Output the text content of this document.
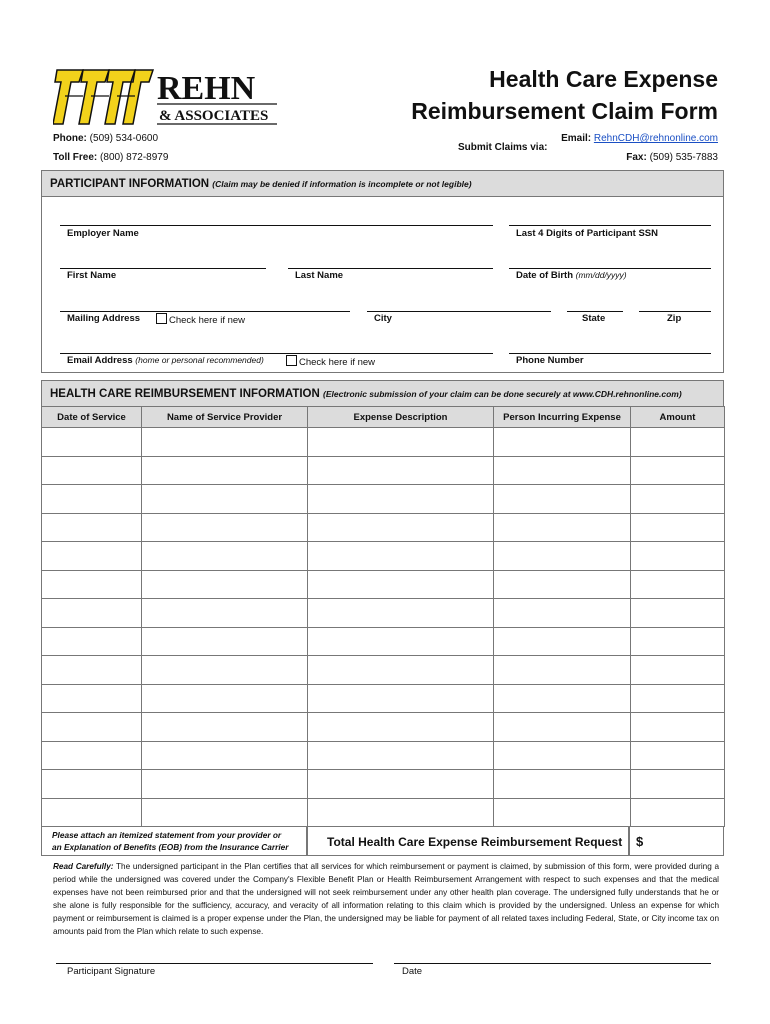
REHN
& ASSOCIATES
Health Care Expense
Reimbursement Claim Form
Phone: (509) 534-0600
Toll Free: (800) 872-8979
Submit Claims via:
Email: RehnCDH@rehnonline.com
Fax: (509) 535-7883
PARTICIPANT INFORMATION (Claim may be denied if information is incomplete or not legible)
Employer Name	Last 4 Digits of Participant SSN
First Name	Last Name	Date of Birth (mm/dd/yyyy)
Mailing Address	Check here if new	City	State	Zip
Email Address (home or personal recommended)	Check here if new	Phone Number
HEALTH CARE REIMBURSEMENT INFORMATION (Electronic submission of your claim can be done securely at www.CDH.rehnonline.com)
Date of Service	Name of Service Provider	Expense Description	Person Incurring Expense	Amount

Please attach an itemized statement from your provider or
an Explanation of Benefits (EOB) from the Insurance Carrier	Total Health Care Expense Reimbursement Request $
Read Carefully: The undersigned participant in the Plan certifies that all services for which reimbursement or payment is claimed, by submission of this form, were provided during a period while the undersigned was covered under the Company's Flexible Benefit Plan or Health Reimbursement Arrangement with respect to such expenses and that the medical expenses have not been reimbursed prior and that the undersigned will not seek reimbursement under any other health plan coverage. The undersigned fully understands that he or she alone is fully responsible for the sufficiency, accuracy, and veracity of all information relating to this claim which is provided by the undersigned. Unless an expense for which payment or reimbursement is claimed is a proper expense under the Plan, the undersigned may be liable for payment of all related taxes including Federal, State, or City income tax on amounts paid from the Plan which relate to such expense.
Participant Signature	Date
